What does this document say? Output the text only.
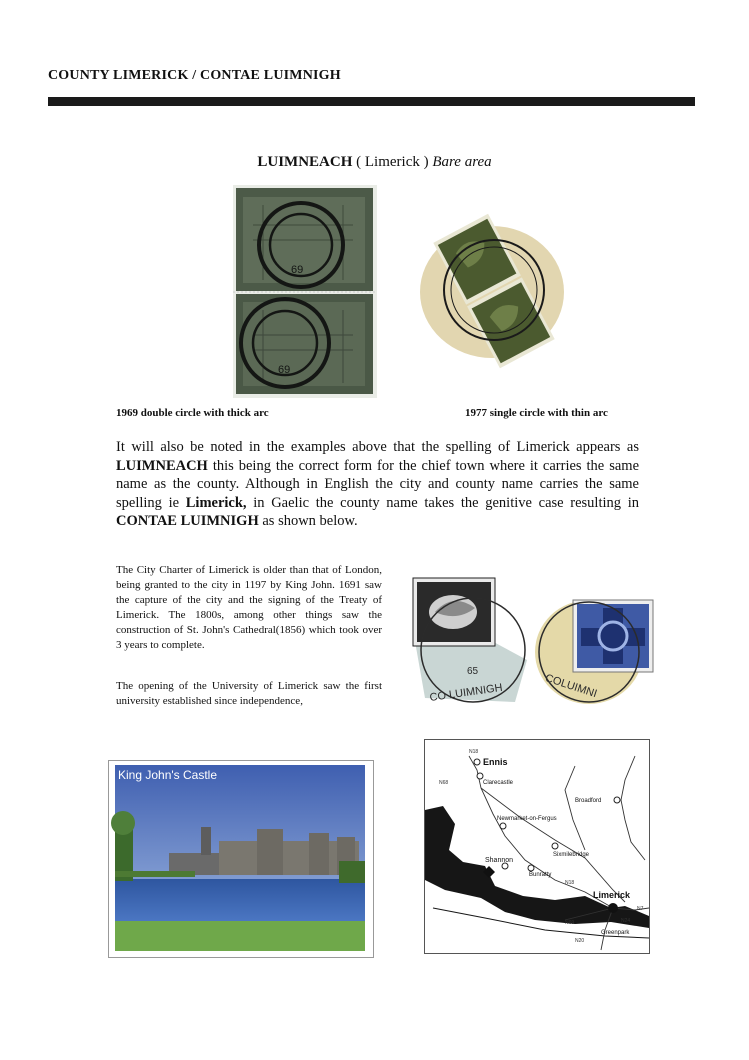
COUNTY LIMERICK / CONTAE LUIMNIGH
LUIMNEACH ( Limerick ) Bare area
69
69
1969 double circle with thick arc	1977 single circle with thin arc
It will also be noted in the examples above that the spelling of Limerick appears as LUIMNEACH this being the correct form for the chief town where it carries the same name as the county. Although in English the city and county name carries the same spelling ie Limerick, in Gaelic the county name takes the genitive case resulting in CONTAE LUIMNIGH as shown below.
The City Charter of Limerick is older than that of London, being granted to the city in 1197 by King John. 1691 saw the capture of the city and the signing of the Treaty of Limerick. The 1800s, among other things saw the construction of St. John's Cathedral(1856) which took over 3 years to complete.
The opening of the University of Limerick saw the first university established since independence,
65
CO LUIMNIGH	COLUIMNI
King John's Castle
Ennis
Clarecastle
Broadford
Newmarket-on-Fergus
Sixmilebridge
Shannon
Bunratty
Limerick
Greenpark
N18
N68
N18
N69	N24
N7
N20
